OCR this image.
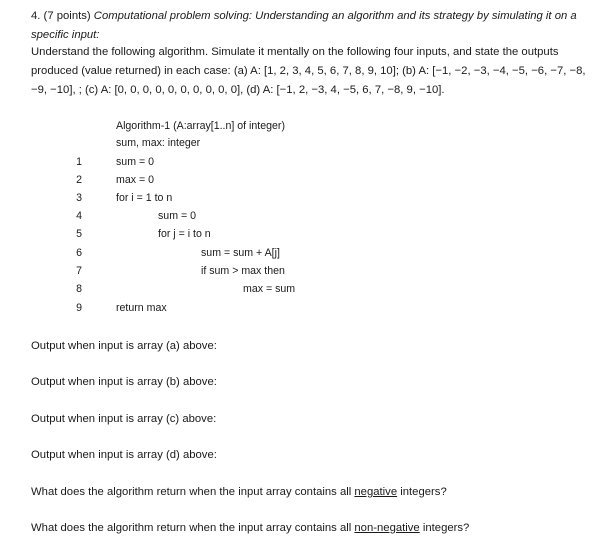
4. (7 points) Computational problem solving: Understanding an algorithm and its strategy by simulating it on a specific input:
Understand the following algorithm. Simulate it mentally on the following four inputs, and state the outputs produced (value returned) in each case: (a) A: [1, 2, 3, 4, 5, 6, 7, 8, 9, 10]; (b) A: [−1, −2, −3, −4, −5, −6, −7, −8, −9, −10], ; (c) A: [0, 0, 0, 0, 0, 0, 0, 0, 0, 0], (d) A: [−1, 2, −3, 4, −5, 6, 7, −8, 9, −10].
Algorithm-1 (A:array[1..n] of integer)
sum, max: integer
1	sum = 0
2	max = 0
3	for i = 1 to n
4	sum = 0
5	for j = i to n
6	sum = sum + A[j]
7	if sum > max then
8	max = sum
9	return max
Output when input is array (a) above:
Output when input is array (b) above:
Output when input is array (c) above:
Output when input is array (d) above:
What does the algorithm return when the input array contains all negative integers?
What does the algorithm return when the input array contains all non-negative integers?
